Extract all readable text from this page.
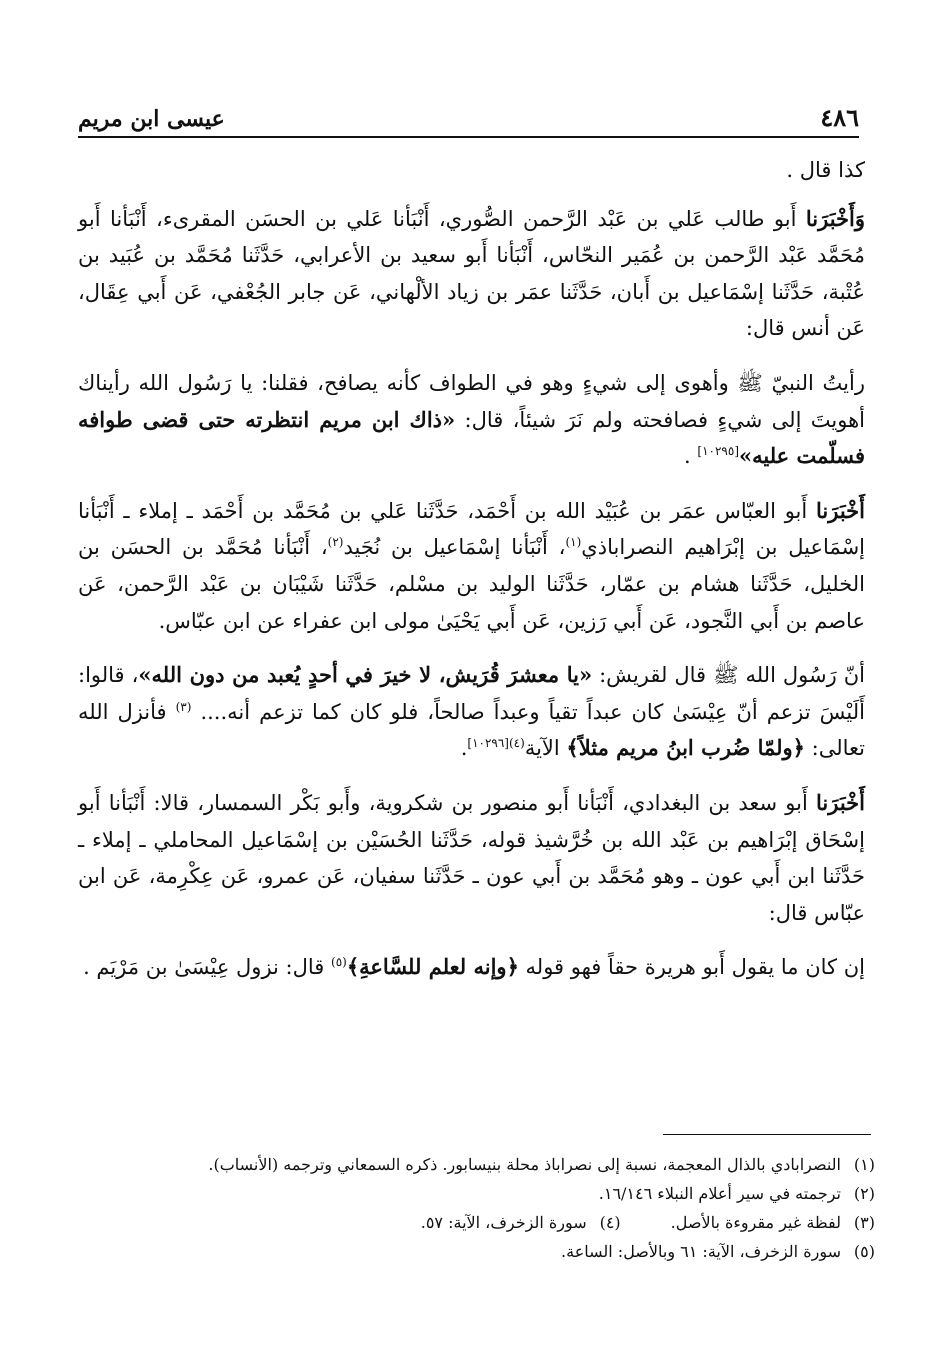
٤٨٦
عيسى ابن مريم

كذا قال .

وَأَخْبَرَنا أَبو طالب عَلي بن عَبْد الرَّحمن الصُّوري، أَنْبَأنا عَلي بن الحسَن المقرىء، أَنْبَأنا أَبو مُحَمَّد عَبْد الرَّحمن بن عُمَير النحّاس، أَنْبَأنا أَبو سعيد بن الأعرابي، حَدَّثَنا مُحَمَّد بن عُبَيد بن عُتْبة، حَدَّثَنا إسْمَاعيل بن أَبان، حَدَّثَنا عمَر بن زياد الألْهاني، عَن جابر الجُعْفي، عَن أَبي عِقَال، عَن أنس قال:

رأيتُ النبيّ ﷺ وأهوى إلى شيءٍ وهو في الطواف كأنه يصافح، فقلنا: يا رَسُول الله رأيناك أهويتَ إلى شيءٍ فصافحته ولم نَرَ شيئاً، قال: «ذاك ابن مريم انتظرته حتى قضى طوافه فسلّمت عليه»[١٠٢٩٥] .

أَخْبَرَنا أَبو العبّاس عمَر بن عُبَيْد الله بن أَحْمَد، حَدَّثَنا عَلي بن مُحَمَّد بن أَحْمَد ـ إملاء ـ أَنْبَأنا إسْمَاعيل بن إبْرَاهيم النصراباذي$^{(١)}$، أَنْبَأنا إسْمَاعيل بن نُجَيد$^{(٢)}$، أَنْبَأنا مُحَمَّد بن الحسَن بن الخليل، حَدَّثَنا هشام بن عمّار، حَدَّثَنا الوليد بن مسْلم، حَدَّثَنا شَيْبَان بن عَبْد الرَّحمن، عَن عاصم بن أَبي النَّجود، عَن أَبي رَزين، عَن أَبي يَحْيَىٰ مولى ابن عفراء عن ابن عبّاس.

أنّ رَسُول الله ﷺ قال لقريش: «يا معشرَ قُرَيش، لا خيرَ في أحدٍ يُعبد من دون الله»، قالوا: أَلَيْسَ تزعم أنّ عِيْسَىٰ كان عبداً تقياً وعبداً صالحاً، فلو كان كما تزعم أنه.... $^{(٣)}$ فأنزل الله تعالى: ﴿ولمّا ضُرب ابنُ مريم مثلاً﴾ الآية$^{(٤)[١٠٢٩٦]}$.

أَخْبَرَنا أَبو سعد بن البغدادي، أَنْبَأنا أَبو منصور بن شكروية، وأَبو بَكْر السمسار، قالا: أَنْبَأنا أَبو إسْحَاق إبْرَاهيم بن عَبْد الله بن خُرَّشيذ قوله، حَدَّثَنا الحُسَيْن بن إسْمَاعيل المحاملي ـ إملاء ـ حَدَّثَنا ابن أَبي عون ـ وهو مُحَمَّد بن أَبي عون ـ حَدَّثَنا سفيان، عَن عمرو، عَن عِكْرِمة، عَن ابن عبّاس قال:

إن كان ما يقول أَبو هريرة حقاً فهو قوله ﴿وإنه لعلم للسَّاعةِ﴾$^{(٥)}$ قال: نزول عِيْسَىٰ بن مَرْيَم .

(١)
النصرابادي بالذال المعجمة، نسبة إلى نصراباذ محلة بنيسابور. ذكره السمعاني وترجمه (الأنساب).
(٢)
ترجمته في سير أعلام النبلاء ١٦/١٤٦.
(٣)
لفظة غير مقروءة بالأصل.
(٤)
سورة الزخرف، الآية: ٥٧.
(٥)
سورة الزخرف، الآية: ٦١ وبالأصل: الساعة.
